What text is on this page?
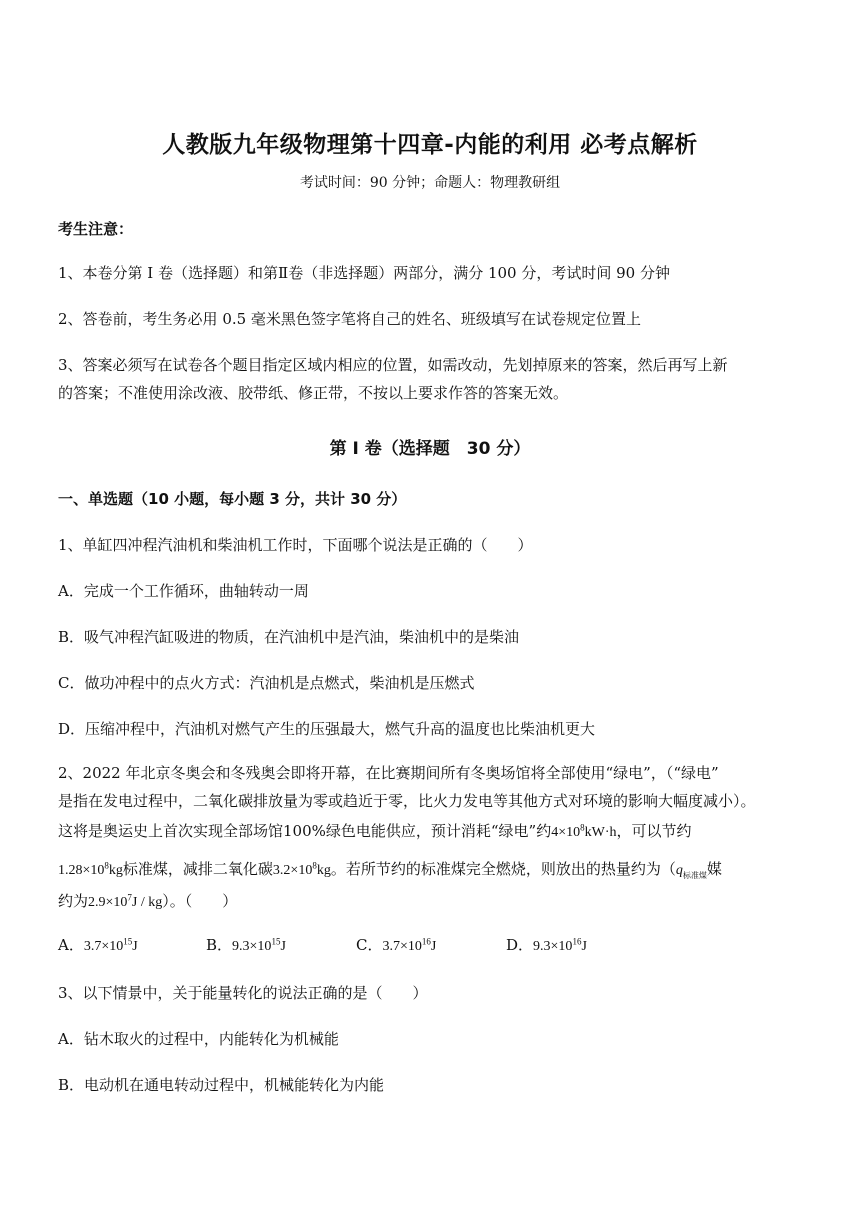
人教版九年级物理第十四章-内能的利用 必考点解析
考试时间：90 分钟；命题人：物理教研组
考生注意：
1、本卷分第 I 卷（选择题）和第Ⅱ卷（非选择题）两部分，满分 100 分，考试时间 90 分钟
2、答卷前，考生务必用 0.5 毫米黑色签字笔将自己的姓名、班级填写在试卷规定位置上
3、答案必须写在试卷各个题目指定区域内相应的位置，如需改动，先划掉原来的答案，然后再写上新
的答案；不准使用涂改液、胶带纸、修正带，不按以上要求作答的答案无效。
第 I 卷（选择题　30 分）
一、单选题（10 小题，每小题 3 分，共计 30 分）
1、单缸四冲程汽油机和柴油机工作时，下面哪个说法是正确的（　　）
A．完成一个工作循环，曲轴转动一周
B．吸气冲程汽缸吸进的物质，在汽油机中是汽油，柴油机中的是柴油
C．做功冲程中的点火方式：汽油机是点燃式，柴油机是压燃式
D．压缩冲程中，汽油机对燃气产生的压强最大，燃气升高的温度也比柴油机更大
2、2022 年北京冬奥会和冬残奥会即将开幕，在比赛期间所有冬奥场馆将全部使用“绿电”，（“绿电”
是指在发电过程中，二氧化碳排放量为零或趋近于零，比火力发电等其他方式对环境的影响大幅度减小）。
这将是奥运史上首次实现全部场馆100%绿色电能供应，预计消耗“绿电”约$4\times 10^8kW\cdot h$，可以节约
$1.28\times 10^8kg$标准煤，减排二氧化碳$3.2\times 10^8kg$。若所节约的标准煤完全燃烧，则放出的热量约为（$q_{标准煤}$媒
约为$2.9\times 10^7J / kg$）。（　　）
A．$3.7\times 10^{15}J$	B．$9.3\times 10^{15}J$	C．$3.7\times 10^{16}J$	D．$9.3\times 10^{16}J$
3、以下情景中，关于能量转化的说法正确的是（　　）
A．钻木取火的过程中，内能转化为机械能
B．电动机在通电转动过程中，机械能转化为内能
